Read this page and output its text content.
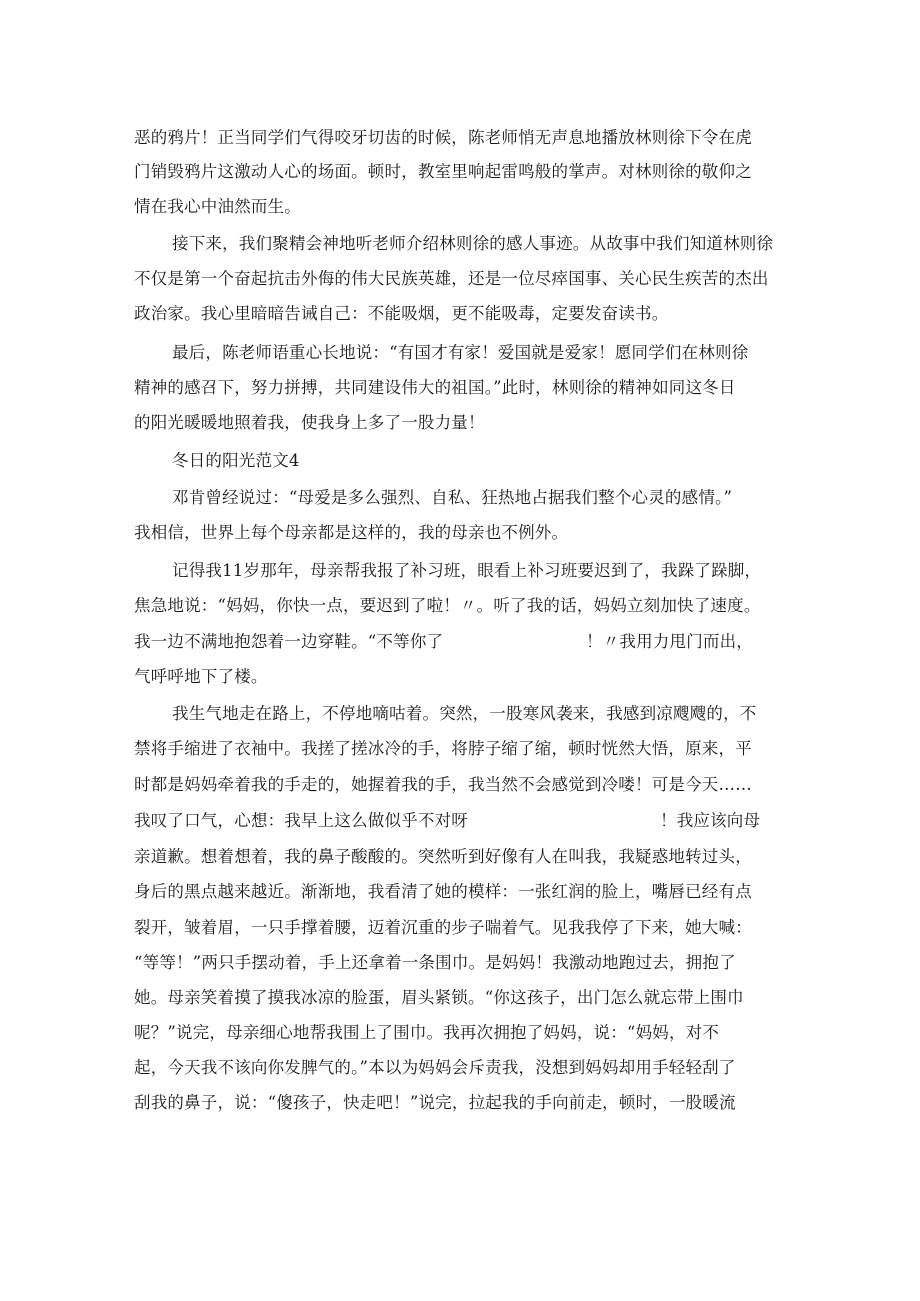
恶的鸦片！正当同学们气得咬牙切齿的时候，陈老师悄无声息地播放林则徐下令在虎
门销毁鸦片这激动人心的场面。顿时，教室里响起雷鸣般的掌声。对林则徐的敬仰之
情在我心中油然而生。
接下来，我们聚精会神地听老师介绍林则徐的感人事迹。从故事中我们知道林则徐
不仅是第一个奋起抗击外侮的伟大民族英雄，还是一位尽瘁国事、关心民生疾苦的杰出
政治家。我心里暗暗告诫自己：不能吸烟，更不能吸毒，定要发奋读书。
最后，陈老师语重心长地说：“有国才有家！爱国就是爱家！愿同学们在林则徐
精神的感召下，努力拼搏，共同建设伟大的祖国。”此时，林则徐的精神如同这冬日
的阳光暖暖地照着我，使我身上多了一股力量！
冬日的阳光范文4
邓肯曾经说过：“母爱是多么强烈、自私、狂热地占据我们整个心灵的感情。”
我相信，世界上每个母亲都是这样的，我的母亲也不例外。
记得我11岁那年，母亲帮我报了补习班，眼看上补习班要迟到了，我跺了跺脚，
焦急地说：“妈妈，你快一点，要迟到了啦！〃。听了我的话，妈妈立刻加快了速度。
我一边不满地抱怨着一边穿鞋。“不等你了	！〃我用力甩门而出，
气呼呼地下了楼。
我生气地走在路上，不停地嘀咕着。突然，一股寒风袭来，我感到凉飕飕的，不
禁将手缩进了衣袖中。我搓了搓冰冷的手，将脖子缩了缩，顿时恍然大悟，原来，平
时都是妈妈牵着我的手走的，她握着我的手，我当然不会感觉到冷喽！可是今天……
我叹了口气，心想：我早上这么做似乎不对呀	！我应该向母
亲道歉。想着想着，我的鼻子酸酸的。突然听到好像有人在叫我，我疑惑地转过头，
身后的黑点越来越近。渐渐地，我看清了她的模样：一张红润的脸上，嘴唇已经有点
裂开，皱着眉，一只手撑着腰，迈着沉重的步子喘着气。见我我停了下来，她大喊：
“等等！”两只手摆动着，手上还拿着一条围巾。是妈妈！我激动地跑过去，拥抱了
她。母亲笑着摸了摸我冰凉的脸蛋，眉头紧锁。“你这孩子，出门怎么就忘带上围巾
呢？”说完，母亲细心地帮我围上了围巾。我再次拥抱了妈妈，说：“妈妈，对不
起，今天我不该向你发脾气的。”本以为妈妈会斥责我，没想到妈妈却用手轻轻刮了
刮我的鼻子，说：“傻孩子，快走吧！”说完，拉起我的手向前走，顿时，一股暖流
